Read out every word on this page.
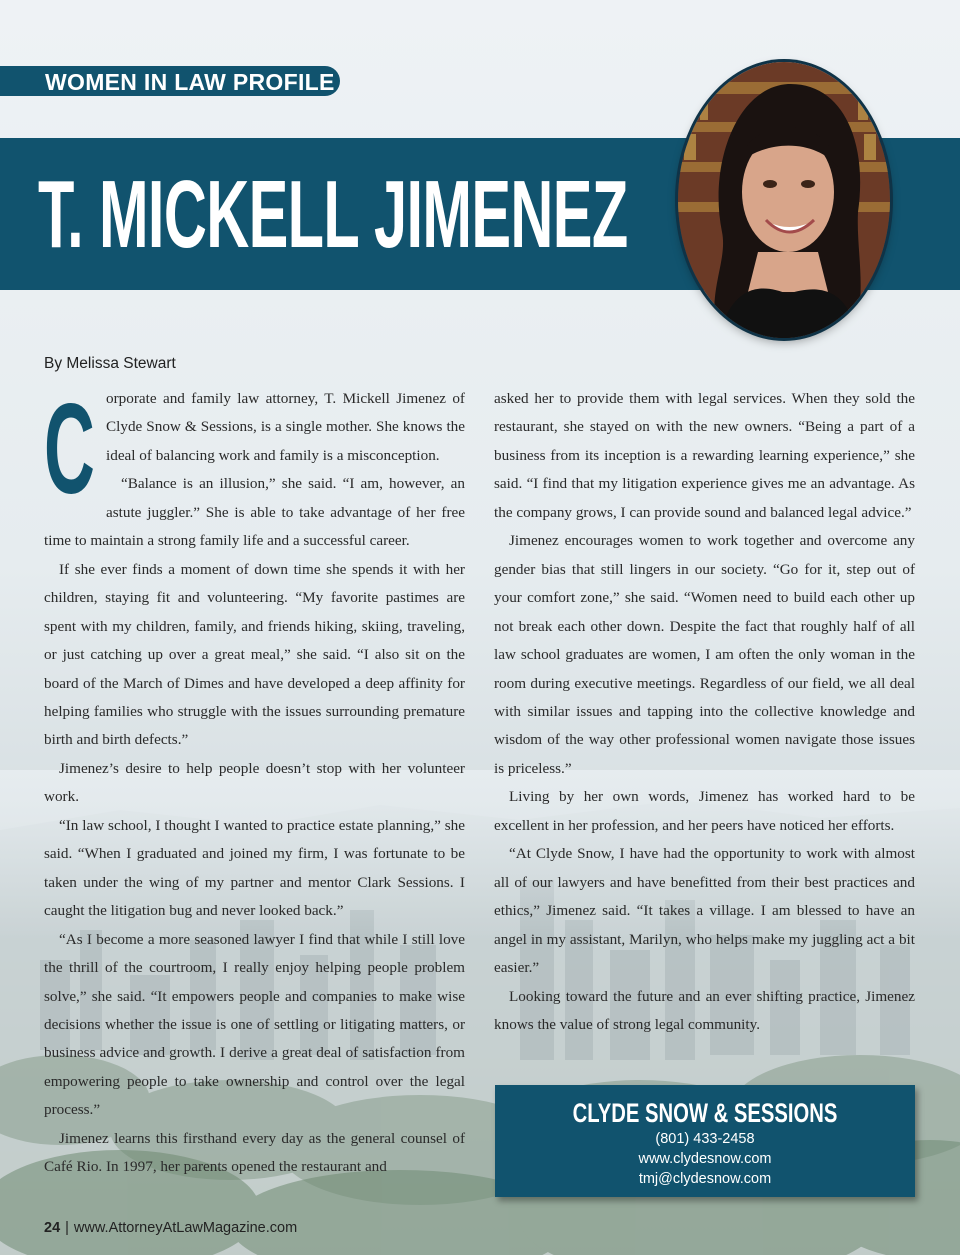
WOMEN IN LAW PROFILE
T. MICKELL JIMENEZ
By Melissa Stewart

C orporate and family law attorney, T. Mickell Jimenez of Clyde Snow & Sessions, is a single mother. She knows the ideal of balancing work and family is a misconception.

“Balance is an illusion,” she said. “I am, however, an astute juggler.” She is able to take advantage of her free time to maintain a strong family life and a successful career.

If she ever finds a moment of down time she spends it with her children, staying fit and volunteering. “My favorite pastimes are spent with my children, family, and friends hiking, skiing, traveling, or just catching up over a great meal,” she said. “I also sit on the board of the March of Dimes and have developed a deep affinity for helping families who struggle with the issues surrounding premature birth and birth defects.”

Jimenez’s desire to help people doesn’t stop with her volunteer work.

“In law school, I thought I wanted to practice estate planning,” she said. “When I graduated and joined my firm, I was fortunate to be taken under the wing of my partner and mentor Clark Sessions. I caught the litigation bug and never looked back.”

“As I become a more seasoned lawyer I find that while I still love the thrill of the courtroom, I really enjoy helping people problem solve,” she said. “It empowers people and companies to make wise decisions whether the issue is one of settling or litigating matters, or business advice and growth. I derive a great deal of satisfaction from empowering people to take ownership and control over the legal process.”

Jimenez learns this firsthand every day as the general counsel of Café Rio. In 1997, her parents opened the restaurant and

asked her to provide them with legal services. When they sold the restaurant, she stayed on with the new owners. “Being a part of a business from its inception is a rewarding learning experience,” she said. “I find that my litigation experience gives me an advantage. As the company grows, I can provide sound and balanced legal advice.”

Jimenez encourages women to work together and overcome any gender bias that still lingers in our society. “Go for it, step out of your comfort zone,” she said. “Women need to build each other up not break each other down. Despite the fact that roughly half of all law school graduates are women, I am often the only woman in the room during executive meetings. Regardless of our field, we all deal with similar issues and tapping into the collective knowledge and wisdom of the way other professional women navigate those issues is priceless.”

Living by her own words, Jimenez has worked hard to be excellent in her profession, and her peers have noticed her efforts.

“At Clyde Snow, I have had the opportunity to work with almost all of our lawyers and have benefitted from their best practices and ethics,” Jimenez said. “It takes a village. I am blessed to have an angel in my assistant, Marilyn, who helps make my juggling act a bit easier.”

Looking toward the future and an ever shifting practice, Jimenez knows the value of strong legal community.

CLYDE SNOW & SESSIONS
(801) 433-2458
www.clydesnow.com
tmj@clydesnow.com
24 | www.AttorneyAtLawMagazine.com
